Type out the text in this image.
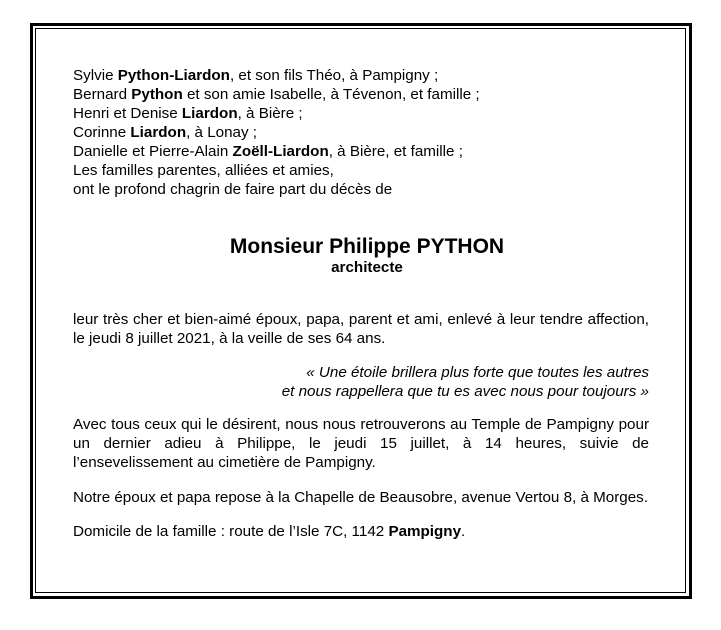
Sylvie Python-Liardon, et son fils Théo, à Pampigny ;
Bernard Python et son amie Isabelle, à Tévenon, et famille ;
Henri et Denise Liardon, à Bière ;
Corinne Liardon, à Lonay ;
Danielle et Pierre-Alain Zoëll-Liardon, à Bière, et famille ;
Les familles parentes, alliées et amies,
ont le profond chagrin de faire part du décès de
Monsieur Philippe PYTHON
architecte

leur très cher et bien-aimé époux, papa, parent et ami, enlevé à leur tendre affection, le jeudi 8 juillet 2021, à la veille de ses 64 ans.

« Une étoile brillera plus forte que toutes les autres
et nous rappellera que tu es avec nous pour toujours »

Avec tous ceux qui le désirent, nous nous retrouverons au Temple de Pampigny pour un dernier adieu à Philippe, le jeudi 15 juillet, à 14 heures, suivie de l’ensevelissement au cimetière de Pampigny.

Notre époux et papa repose à la Chapelle de Beausobre, avenue Vertou 8, à Morges.

Domicile de la famille : route de l’Isle 7C, 1142 Pampigny.
